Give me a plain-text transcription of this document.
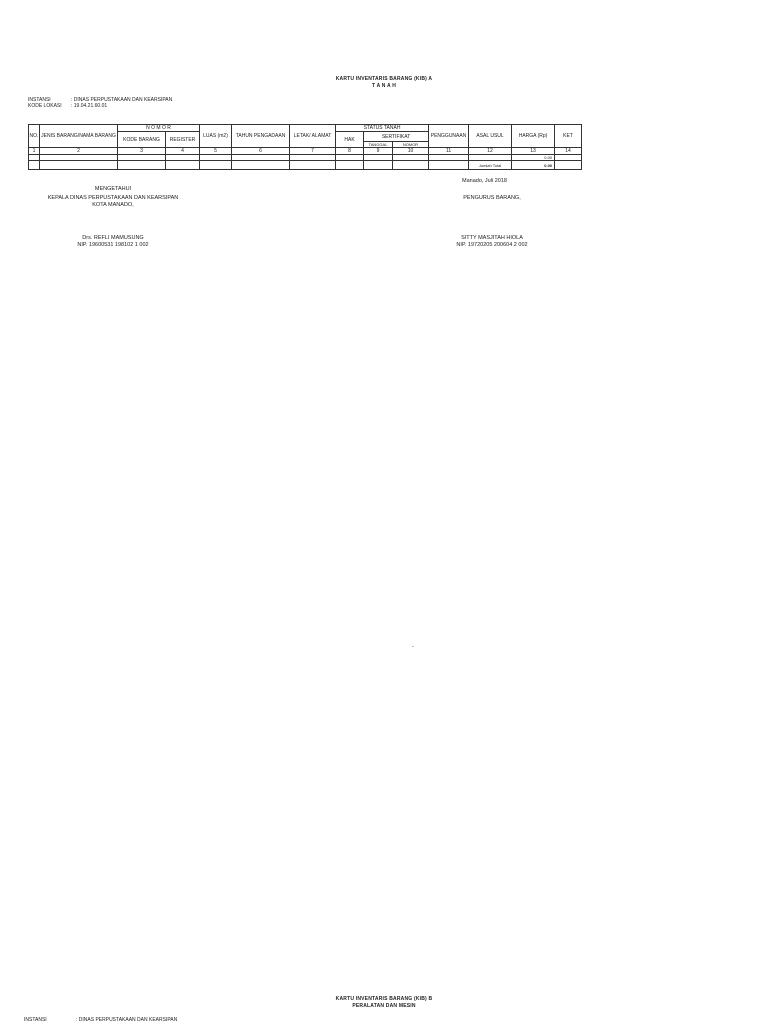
KARTU INVENTARIS BARANG (KIB) A
T A N A H
INSTANSI	: DINAS PERPUSTAKAAN DAN KEARSIPAN
KODE LOKASI : 19.04.21.60.01
NO.	JENIS BARANG/NAMA BARANG	N O M O R		LUAS (m2)	TAHUN PENGADAAN	LETAK/ ALAMAT	STATUS TANAH			PENGGUNAAN	ASAL USUL	HARGA (Rp)	KET
		KODE BARANG	REGISTER				HAK	SERTIFIKAT					
								TANGGAL	NOMOR				
1	2	3	4	5	6	7	8	9	10	11	12	13	14
												0.00	
											Jumlah Total	0.00	
Manado, Juli 2018
MENGETAHUI
KEPALA DINAS PERPUSTAKAAN DAN KEARSIPAN
KOTA MANADO,
Drs. REFLI MAMUSUNG
NIP. 19600531 198102 1 002
PENGURUS BARANG,
SITTY MASJITAH HIOLA
NIP. 19720205 200604 2 002
-
KARTU INVENTARIS BARANG (KIB) B
PERALATAN DAN MESIN
INSTANSI	: DINAS PERPUSTAKAAN DAN KEARSIPAN
